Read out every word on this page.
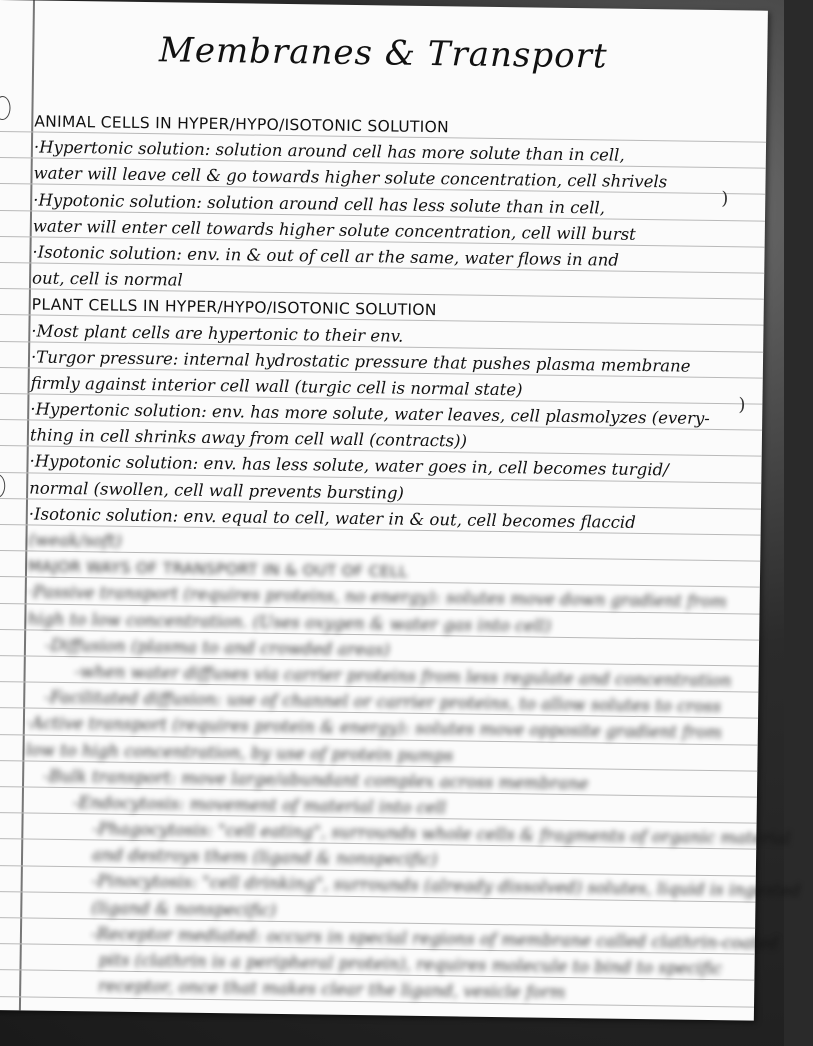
Membranes & Transport
ANIMAL CELLS IN HYPER/HYPO/ISOTONIC SOLUTION
·Hypertonic solution: solution around cell has more solute than in cell,
water will leave cell & go towards higher solute concentration, cell shrivels
·Hypotonic solution: solution around cell has less solute than in cell,
water will enter cell towards higher solute concentration, cell will burst
·Isotonic solution: env. in & out of cell ar the same, water flows in and
out, cell is normal
PLANT CELLS IN HYPER/HYPO/ISOTONIC SOLUTION
·Most plant cells are hypertonic to their env.
·Turgor pressure: internal hydrostatic pressure that pushes plasma membrane
firmly against interior cell wall (turgic cell is normal state)
·Hypertonic solution: env. has more solute, water leaves, cell plasmolyzes (every-
thing in cell shrinks away from cell wall (contracts))
·Hypotonic solution: env. has less solute, water goes in, cell becomes turgid/
normal (swollen, cell wall prevents bursting)
·Isotonic solution: env. equal to cell, water in & out, cell becomes flaccid
(weak/soft)
MAJOR WAYS OF TRANSPORT IN & OUT OF CELL
·Passive transport (requires proteins, no energy): solutes move down gradient from
high to low concentration. (Uses oxygen & water gas into cell)
-Diffusion (plasma to and crowded areas)
-when water diffuses via carrier proteins from less regulate and concentration
-Facilitated diffusion: use of channel or carrier proteins, to allow solutes to cross
·Active transport (requires protein & energy): solutes move opposite gradient from
low to high concentration, by use of protein pumps
-Bulk transport: move large/abundant complex across membrane
-Endocytosis: movement of material into cell
-Phagocytosis: "cell eating", surrounds whole cells & fragments of organic material
and destroys them (ligand & nonspecific)
-Pinocytosis: "cell drinking", surrounds (already dissolved) solutes, liquid is ingested
(ligand & nonspecific)
-Receptor mediated: occurs in special regions of membrane called clathrin-coated
pits (clathrin is a peripheral protein), requires molecule to bind to specific
receptor, once that makes clear the ligand, vesicle form
)
)
